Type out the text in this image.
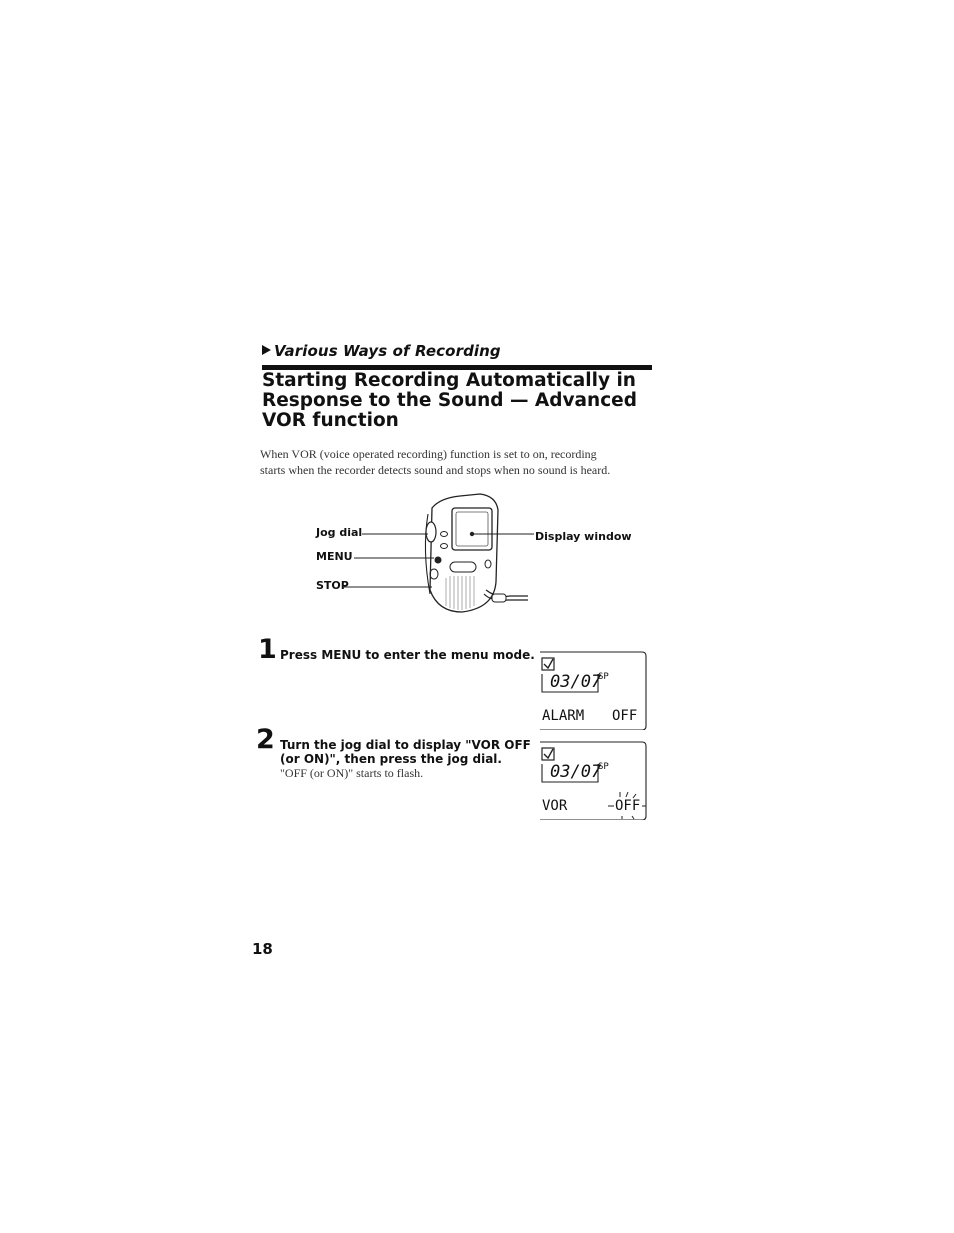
Various Ways of Recording
Starting Recording Automatically in
Response to the Sound — Advanced
VOR function
When VOR (voice operated recording) function is set to on, recording
starts when the recorder detects sound and stops when no sound is heard.
Jog dial
MENU
STOP
Display window
1 Press MENU to enter the menu mode.
03/07
SP
ALARM OFF
2 Turn the jog dial to display "VOR OFF
(or ON)", then press the jog dial.
"OFF (or ON)" starts to flash.	03/07
SP
VOR	OFF
18
